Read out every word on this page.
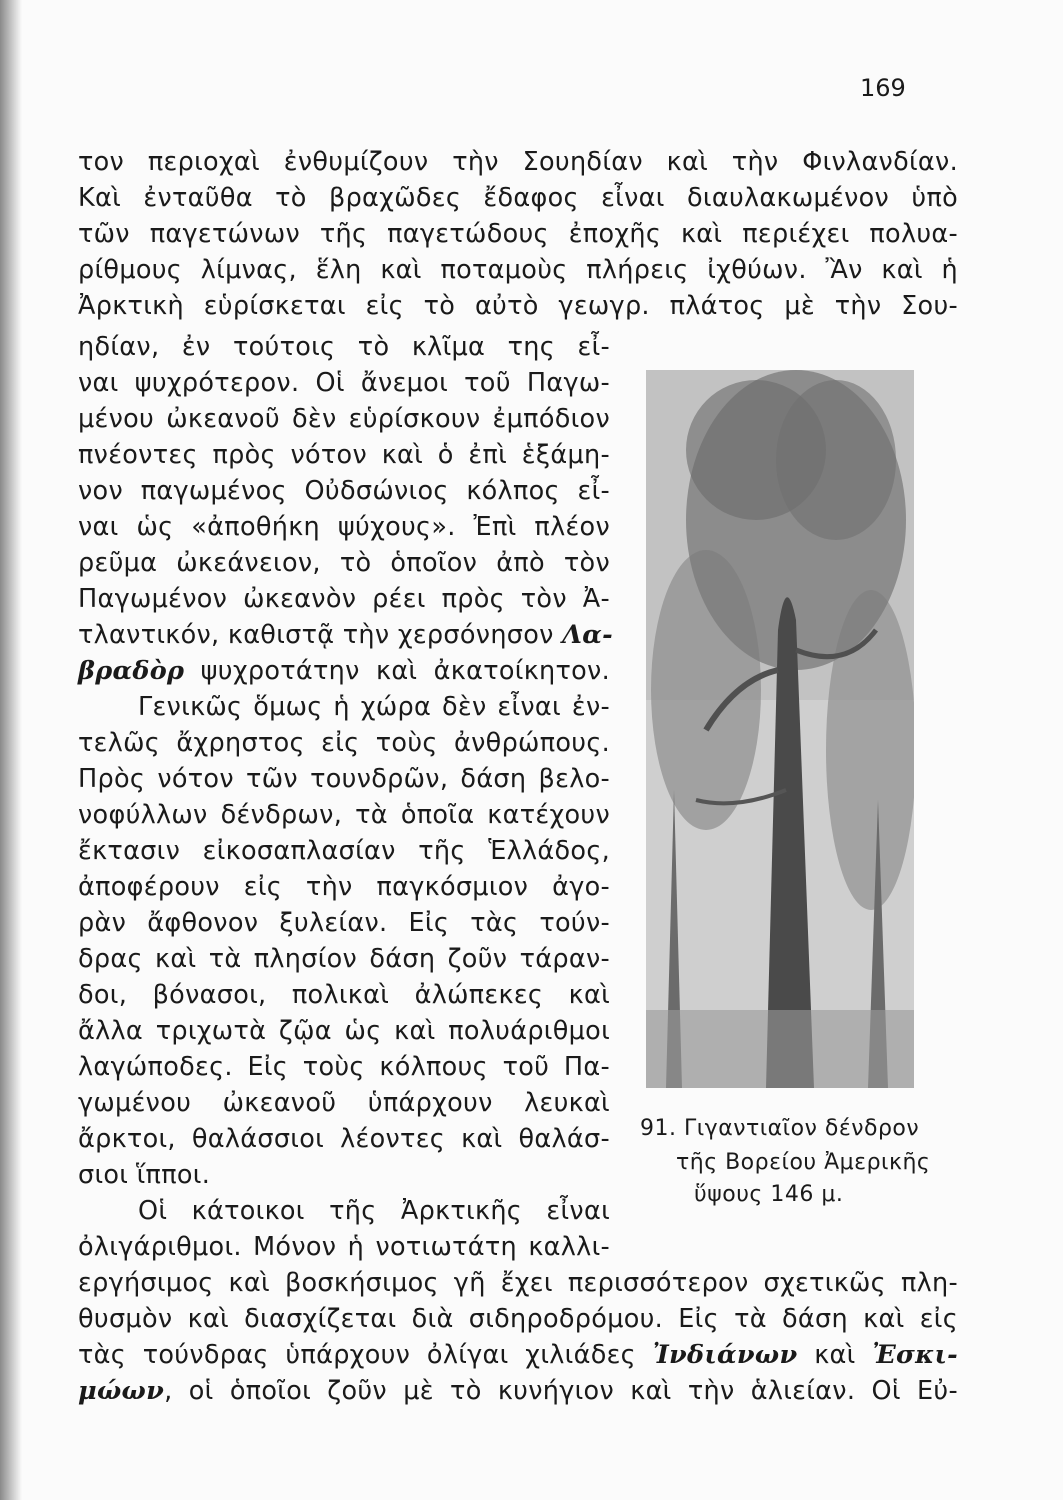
169
τον περιοχαὶ ἐνθυμίζουν τὴν Σουηδίαν καὶ τὴν Φινλανδίαν.
Καὶ ἐνταῦθα τὸ βραχῶδες ἔδαφος εἶναι διαυλακωμένον ὑπὸ
τῶν παγετώνων τῆς παγετώδους ἐποχῆς καὶ περιέχει πολυα-
ρίθμους λίμνας, ἕλη καὶ ποταμοὺς πλήρεις ἰχθύων. Ἂν καὶ ἡ
Ἀρκτικὴ εὑρίσκεται εἰς τὸ αὐτὸ γεωγρ. πλάτος μὲ τὴν Σου-
ηδίαν, ἐν τούτοις τὸ κλῖμα της εἶ-
ναι ψυχρότερον. Οἱ ἄνεμοι τοῦ Παγω-
μένου ὠκεανοῦ δὲν εὑρίσκουν ἐμπόδιον
πνέοντες πρὸς νότον καὶ ὁ ἐπὶ ἑξάμη-
νον παγωμένος Οὐδσώνιος κόλπος εἶ-
ναι ὡς «ἀποθήκη ψύχους». Ἐπὶ πλέον
ρεῦμα ὠκεάνειον, τὸ ὁποῖον ἀπὸ τὸν
Παγωμένον ὠκεανὸν ρέει πρὸς τὸν Ἀ-
τλαντικόν, καθιστᾷ τὴν χερσόνησον Λα-
βραδὸρ ψυχροτάτην καὶ ἀκατοίκητον.
Γενικῶς ὅμως ἡ χώρα δὲν εἶναι ἐν-
τελῶς ἄχρηστος εἰς τοὺς ἀνθρώπους.
Πρὸς νότον τῶν τουνδρῶν, δάση βελο-
νοφύλλων δένδρων, τὰ ὁποῖα κατέχουν
ἔκτασιν εἰκοσαπλασίαν τῆς Ἑλλάδος,
ἀποφέρουν εἰς τὴν παγκόσμιον ἀγο-
ρὰν ἄφθονον ξυλείαν. Εἰς τὰς τούν-
δρας καὶ τὰ πλησίον δάση ζοῦν τάραν-
δοι, βόνασοι, πολικαὶ ἀλώπεκες καὶ
ἄλλα τριχωτὰ ζῷα ὡς καὶ πολυάριθμοι
λαγώποδες. Εἰς τοὺς κόλπους τοῦ Πα-
γωμένου ὠκεανοῦ ὑπάρχουν λευκαὶ
ἄρκτοι, θαλάσσιοι λέοντες καὶ θαλάσ-
σιοι ἵπποι.
Οἱ κάτοικοι τῆς Ἀρκτικῆς εἶναι
ὀλιγάριθμοι. Μόνον ἡ νοτιωτάτη καλλι-
εργήσιμος καὶ βοσκήσιμος γῆ ἔχει περισσότερον σχετικῶς πλη-
θυσμὸν καὶ διασχίζεται διὰ σιδηροδρόμου. Εἰς τὰ δάση καὶ εἰς
τὰς τούνδρας ὑπάρχουν ὀλίγαι χιλιάδες Ἰνδιάνων καὶ Ἐσκι-
μώων, οἱ ὁποῖοι ζοῦν μὲ τὸ κυνήγιον καὶ τὴν ἁλιείαν. Οἱ Εὐ-
91. Γιγαντιαῖον δένδρον
τῆς Βορείου Ἀμερικῆς
ὕψους 146 μ.
